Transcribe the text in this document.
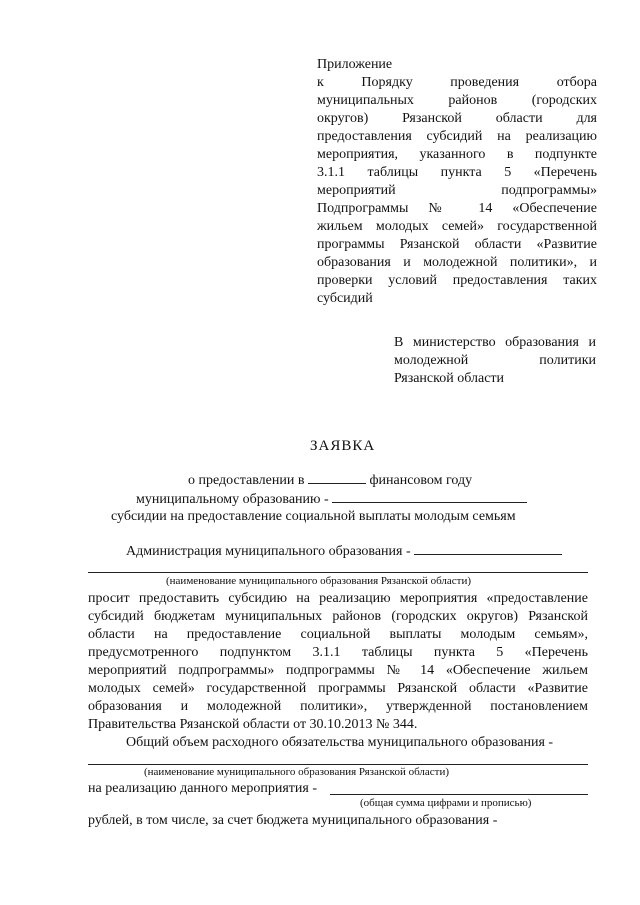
Приложение
к Порядку проведения отбора
муниципальных районов (городских
округов) Рязанской области для
предоставления субсидий на реализацию
мероприятия, указанного в подпункте
3.1.1 таблицы пункта 5 «Перечень
мероприятий подпрограммы»
Подпрограммы № 14 «Обеспечение
жильем молодых семей» государственной
программы Рязанской области «Развитие
образования и молодежной политики», и
проверки условий предоставления таких
субсидий
В министерство образования и
молодежной политики
Рязанской области
ЗАЯВКА
о предоставлении в	финансовом году
муниципальному образованию -
субсидии на предоставление социальной выплаты молодым семьям
Администрация муниципального образования -
(наименование муниципального образования Рязанской области)
просит предоставить субсидию на реализацию мероприятия «предоставление
субсидий бюджетам муниципальных районов (городских округов) Рязанской
области на предоставление социальной выплаты молодым семьям»,
предусмотренного подпунктом 3.1.1 таблицы пункта 5 «Перечень
мероприятий подпрограммы» подпрограммы № 14 «Обеспечение жильем
молодых семей» государственной программы Рязанской области «Развитие
образования и молодежной политики», утвержденной постановлением
Правительства Рязанской области от 30.10.2013 № 344.
Общий объем расходного обязательства муниципального образования -
(наименование муниципального образования Рязанской области)
на реализацию данного мероприятия -
(общая сумма цифрами и прописью)
рублей, в том числе, за счет бюджета муниципального образования -
